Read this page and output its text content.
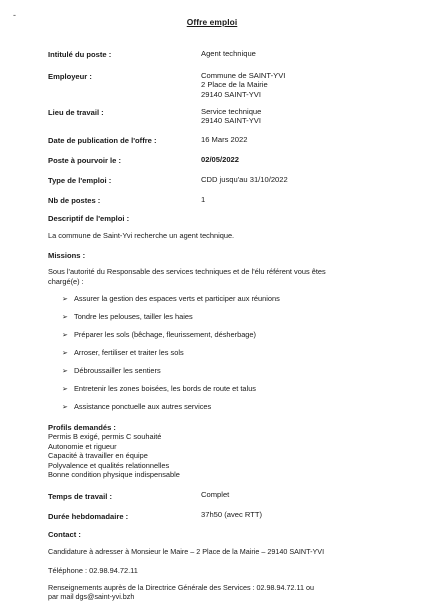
-
Offre emploi
Intitulé du poste :	Agent technique
Employeur :	Commune de SAINT-YVI
2 Place de la Mairie
29140 SAINT-YVI
Lieu de travail :	Service technique
29140 SAINT-YVI
Date de publication de l'offre :	16 Mars 2022
Poste à pourvoir le :	02/05/2022
Type de l'emploi :	CDD jusqu'au 31/10/2022
Nb de postes :	1
Descriptif de l'emploi :
La commune de Saint-Yvi recherche un agent technique.
Missions :
Sous l'autorité du Responsable des services techniques et de l'élu référent vous êtes
chargé(e) :
➢ Assurer la gestion des espaces verts et participer aux réunions
➢ Tondre les pelouses, tailler les haies
➢ Préparer les sols (bêchage, fleurissement, désherbage)
➢ Arroser, fertiliser et traiter les sols
➢ Débroussailler les sentiers
➢ Entretenir les zones boisées, les bords de route et talus
➢ Assistance ponctuelle aux autres services
Profils demandés :
Permis B exigé, permis C souhaité
Autonomie et rigueur
Capacité à travailler en équipe
Polyvalence et qualités relationnelles
Bonne condition physique indispensable
Temps de travail :	Complet
Durée hebdomadaire :	37h50 (avec RTT)
Contact :
Candidature à adresser à Monsieur le Maire – 2 Place de la Mairie – 29140 SAINT-YVI
Téléphone : 02.98.94.72.11
Renseignements auprès de la Directrice Générale des Services : 02.98.94.72.11 ou
par mail dgs@saint-yvi.bzh
